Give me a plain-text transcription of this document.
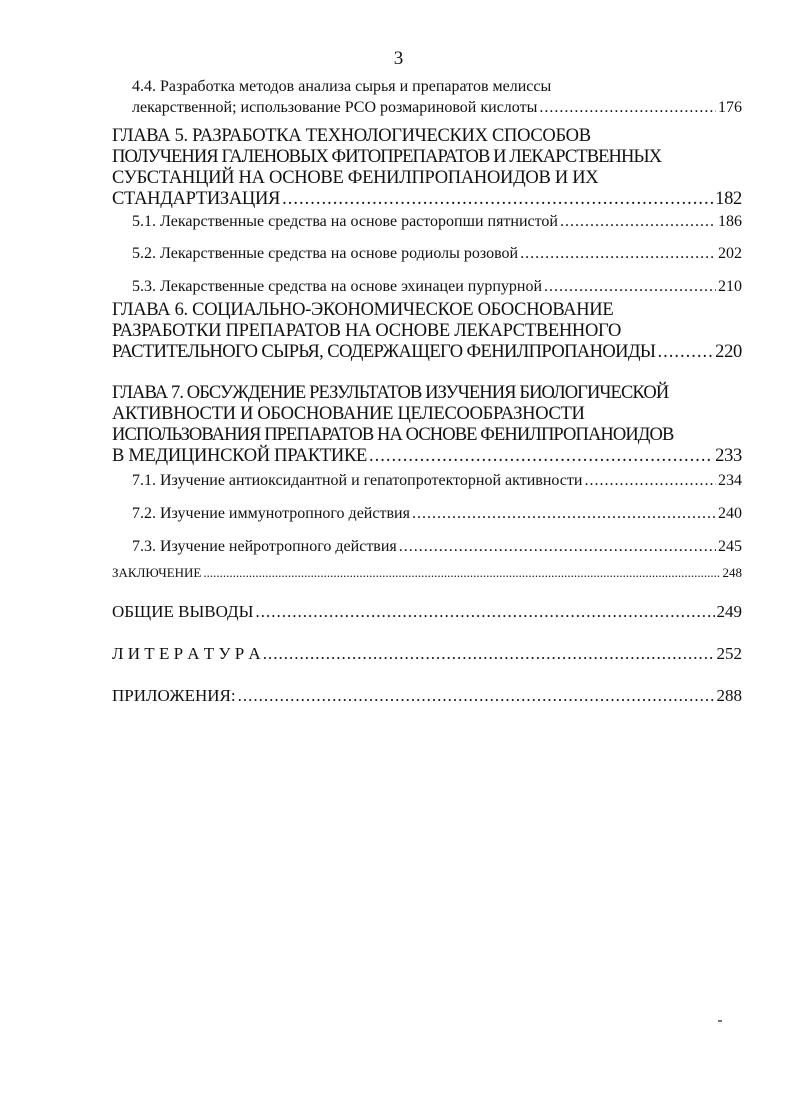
3
4.4. Разработка методов анализа сырья и препаратов мелиссы
лекарственной; использование РСО розмариновой кислоты .....	176
ГЛАВА 5. РАЗРАБОТКА ТЕХНОЛОГИЧЕСКИХ СПОСОБОВ
ПОЛУЧЕНИЯ ГАЛЕНОВЫХ ФИТОПРЕПАРАТОВ И ЛЕКАРСТВЕННЫХ
СУБСТАНЦИЙ НА ОСНОВЕ ФЕНИЛПРОПАНОИДОВ И ИХ
СТАНДАРТИЗАЦИЯ .....	182
5.1. Лекарственные средства на основе расторопши пятнистой .....	186
5.2. Лекарственные средства на основе родиолы розовой .....	202
5.3. Лекарственные средства на основе эхинацеи пурпурной .....	210
ГЛАВА 6. СОЦИАЛЬНО-ЭКОНОМИЧЕСКОЕ ОБОСНОВАНИЕ
РАЗРАБОТКИ ПРЕПАРАТОВ НА ОСНОВЕ ЛЕКАРСТВЕННОГО
РАСТИТЕЛЬНОГО СЫРЬЯ, СОДЕРЖАЩЕГО ФЕНИЛПРОПАНОИДЫ .....	220
ГЛАВА 7. ОБСУЖДЕНИЕ РЕЗУЛЬТАТОВ ИЗУЧЕНИЯ БИОЛОГИЧЕСКОЙ
АКТИВНОСТИ И ОБОСНОВАНИЕ ЦЕЛЕСООБРАЗНОСТИ
ИСПОЛЬЗОВАНИЯ ПРЕПАРАТОВ НА ОСНОВЕ ФЕНИЛПРОПАНОИДОВ
В МЕДИЦИНСКОЙ ПРАКТИКЕ .....	233
7.1. Изучение антиоксидантной и гепатопротекторной активности .....	234
7.2. Изучение иммунотропного действия .....	240
7.3. Изучение нейротропного действия .....	245
ЗАКЛЮЧЕНИЕ .....	248
ОБЩИЕ ВЫВОДЫ .....	249
Л И Т Е Р А Т У Р А .....	252
ПРИЛОЖЕНИЯ: .....	288
